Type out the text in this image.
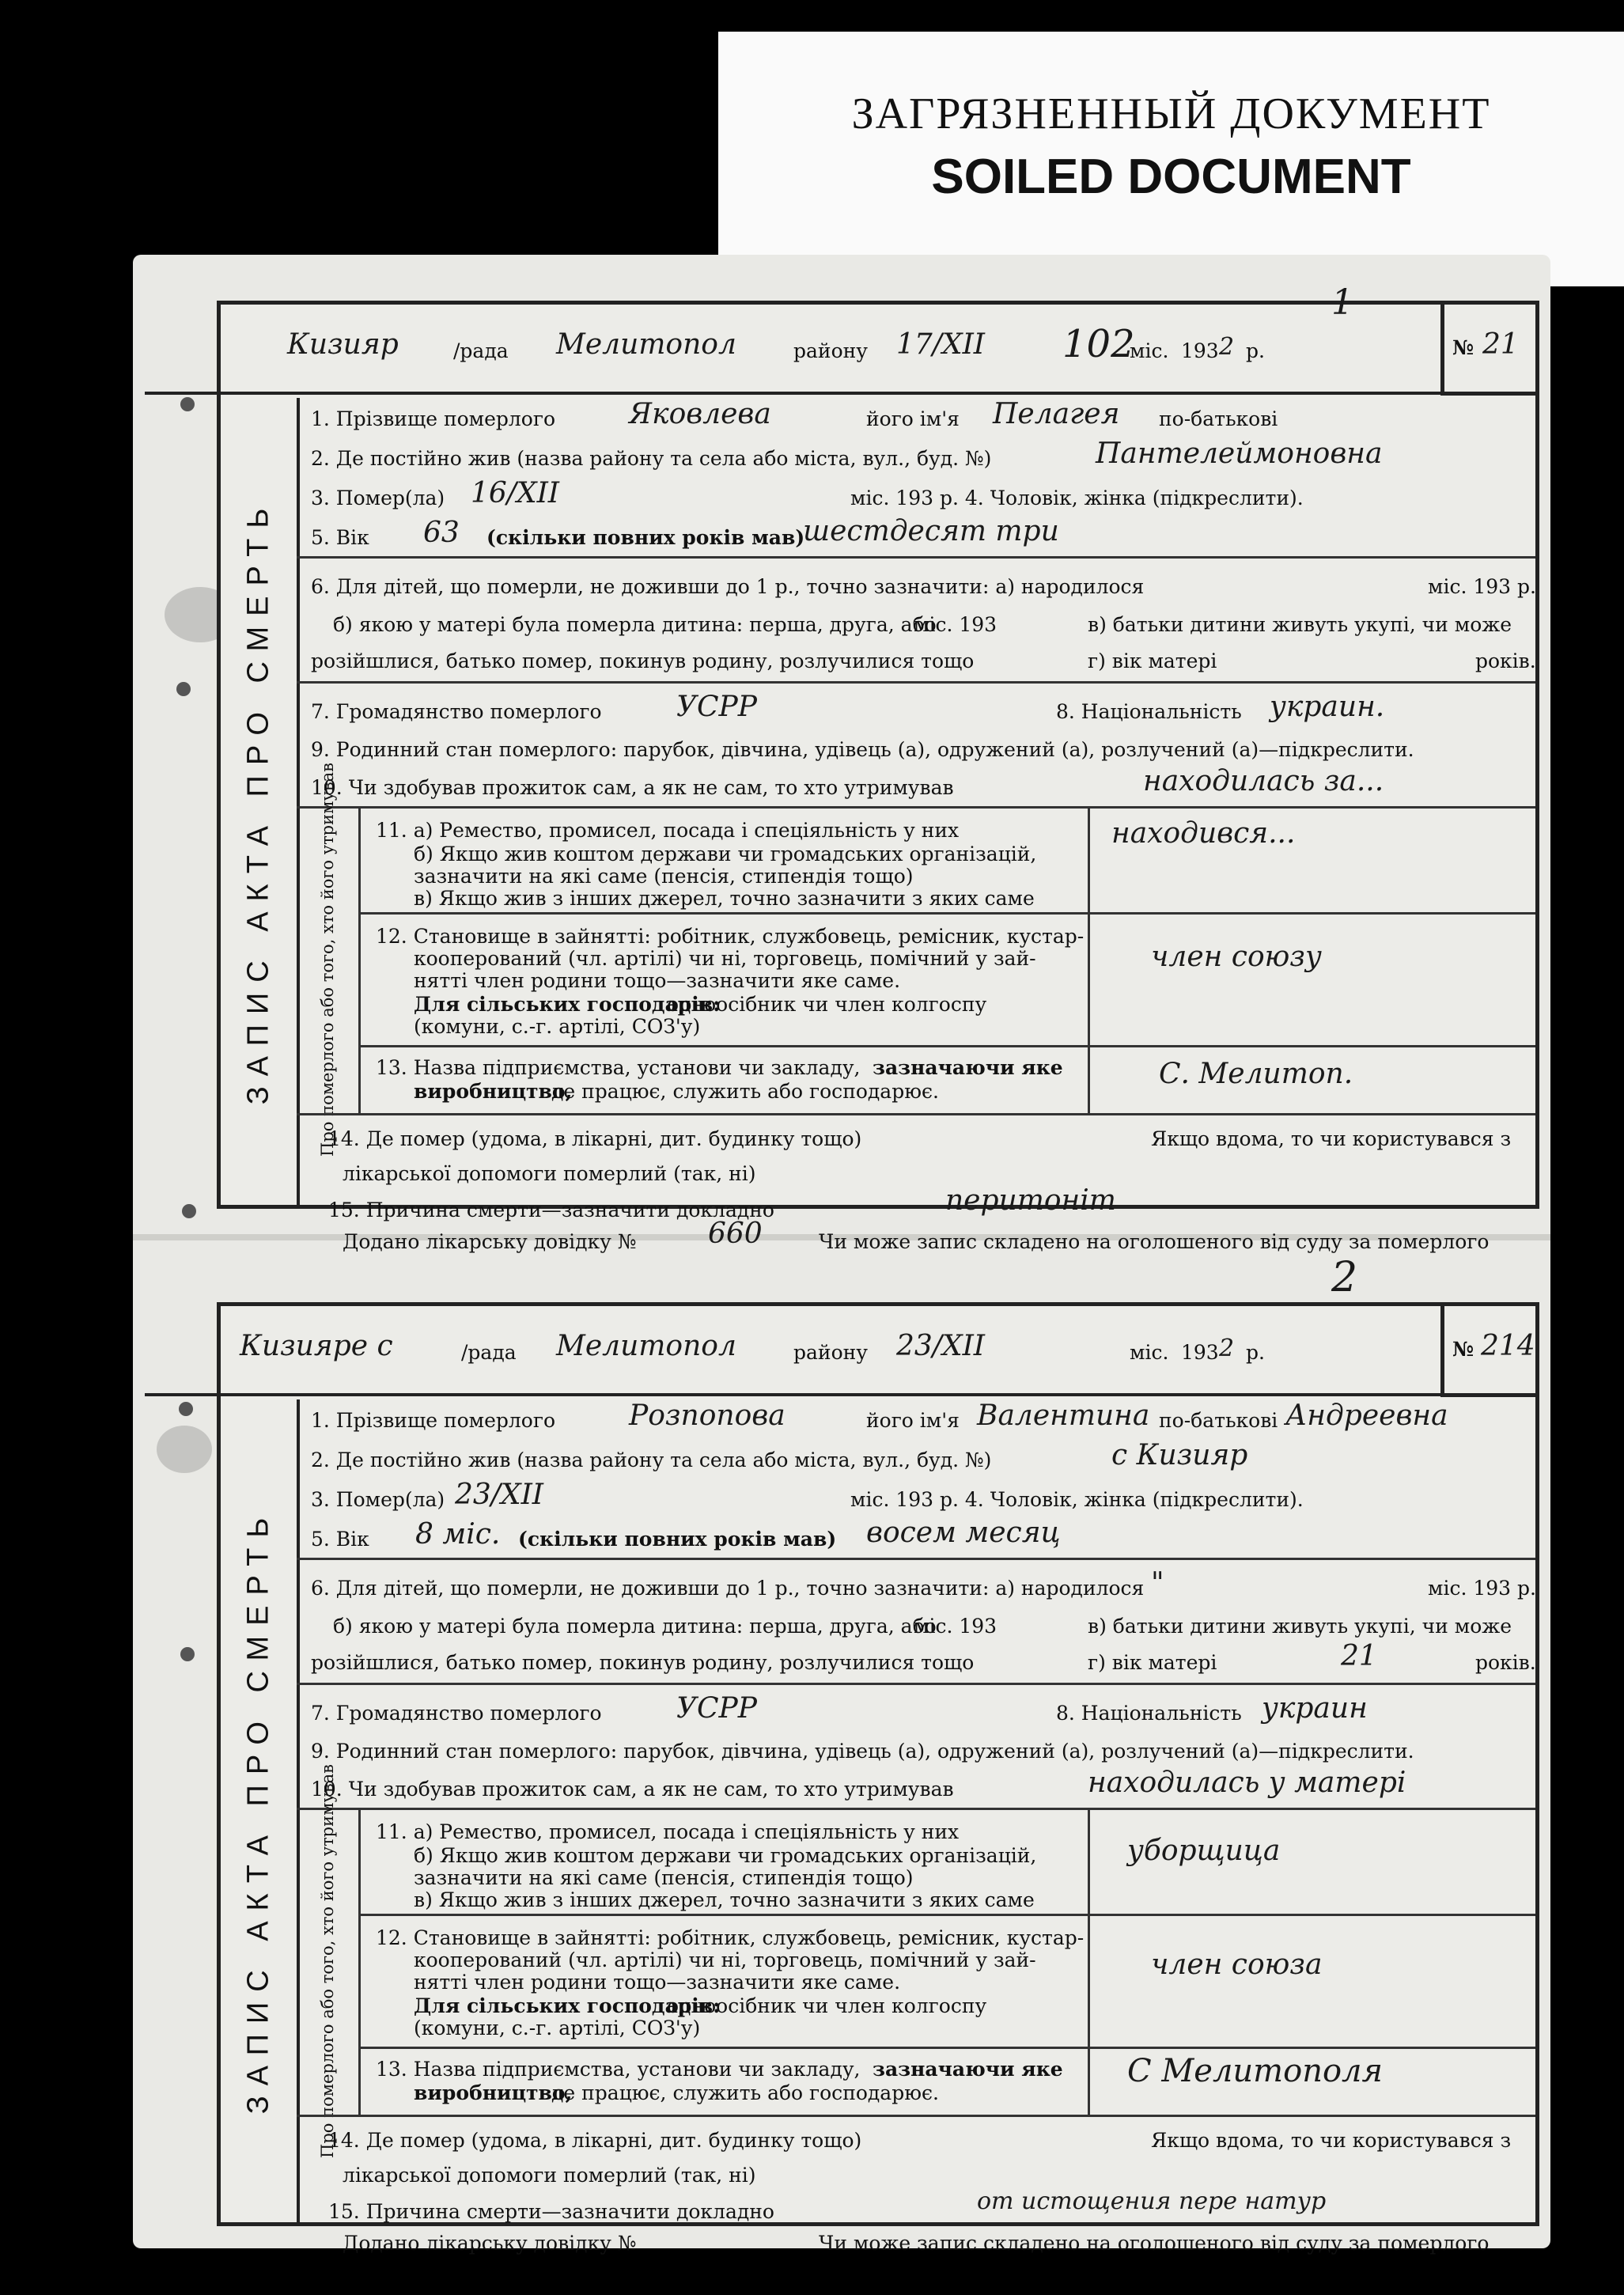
ЗАГРЯЗНЕННЫЙ ДОКУМЕНТ
SOILED DOCUMENT
Кизияр	/рада Мелитопол	району 17/ХІІ 102
міс. 193 2 р.
1
№ 21
ЗАПИС АКТА ПРО СМЕРТЬ
1. Прізвище померлого	Яковлева	його ім'я Пелагея по-батькові
2. Де постійно жив (назва району та села або міста, вул., буд. №)	Пантелеймоновна
3. Помер(ла) 16/ХІІ	міс. 193 р. 4. Чоловік, жінка (підкреслити).
5. Вік 63 (скільки повних років мав)
шестдесят три
6. Для дітей, що померли, не доживши до 1 р., точно зазначити: а) народилося	міс. 193 р.
б) якою у матері була померла дитина: перша, друга, або
міс. 193	в) батьки дитини живуть укупі, чи може
розійшлися, батько помер, покинув родину, розлучилися тощо	г) вік матері	років.
7. Громадянство померлого	УСРР	8. Національність украин.
9. Родинний стан померлого: парубок, дівчина, удівець (а), одружений (а), розлучений (а)—підкреслити.
10. Чи здобував прожиток сам, а як не сам, то хто утримував	находилась за...
Про померлого або того, хто його утримував 11. а) Ремество, промисел, посада і спеціяльність у них
б) Якщо жив коштом держави чи громадських організацій,
зазначити на які саме (пенсія, стипендія тощо)
в) Якщо жив з інших джерел, точно зазначити з яких саме
находився...
12. Становище в зайнятті: робітник, службовець, ремісник, кустар-
кооперований (чл. артілі) чи ні, торговець, помічний у зай-
нятті член родини тощо—зазначити яке саме.
Для сільських господарів:
одноосібник чи член колгоспу
(комуни, с.-г. артілі, СОЗ'у)
член союзу
13. Назва підприємства, установи чи закладу, зазначаючи яке
виробництво,
де працює, служить або господарює.
С. Мелитоп.
14. Де помер (удома, в лікарні, дит. будинку тощо)	Якщо вдома, то чи користувався з
лікарської допомоги померлий (так, ні)
15. Причина смерти—зазначити докладно	перитоніт
Додано лікарську довідку №	660	Чи може запис складено на оголошеного від суду за померлого
Кизияре с	/рада Мелитопол	району 23/ХІІ	міс. 193 2 р.
2
№ 214
ЗАПИС АКТА ПРО СМЕРТЬ
1. Прізвище померлого	Розпопова	його ім'я Валентина по-батькові Андреевна
2. Де постійно жив (назва району та села або міста, вул., буд. №)	с Кизияр
3. Помер(ла) 23/ХІІ	міс. 193 р. 4. Чоловік, жінка (підкреслити).
5. Вік 8 міс. (скільки повних років мав) восем месяц
6. Для дітей, що померли, не доживши до 1 р., точно зазначити: а) народилося "	міс. 193 р.
б) якою у матері була померла дитина: перша, друга, або
міс. 193	в) батьки дитини живуть укупі, чи може
розійшлися, батько помер, покинув родину, розлучилися тощо	г) вік матері	21	років.
7. Громадянство померлого	УСРР	8. Національність украин
9. Родинний стан померлого: парубок, дівчина, удівець (а), одружений (а), розлучений (а)—підкреслити.
10. Чи здобував прожиток сам, а як не сам, то хто утримував	находилась у матері
Про померлого або того, хто його утримував 11. а) Ремество, промисел, посада і спеціяльність у них
б) Якщо жив коштом держави чи громадських організацій,
зазначити на які саме (пенсія, стипендія тощо)
в) Якщо жив з інших джерел, точно зазначити з яких саме
уборщица
12. Становище в зайнятті: робітник, службовець, ремісник, кустар-
кооперований (чл. артілі) чи ні, торговець, помічний у зай-
нятті член родини тощо—зазначити яке саме.
Для сільських господарів:
одноосібник чи член колгоспу
(комуни, с.-г. артілі, СОЗ'у)
член союза
13. Назва підприємства, установи чи закладу, зазначаючи яке
виробництво,
де працює, служить або господарює.
С Мелитополя
14. Де помер (удома, в лікарні, дит. будинку тощо)	Якщо вдома, то чи користувався з
лікарської допомоги померлий (так, ні)
15. Причина смерти—зазначити докладно	от истощения пере натур
Додано лікарську довідку №	Чи може запис складено на оголошеного від суду за померлого
